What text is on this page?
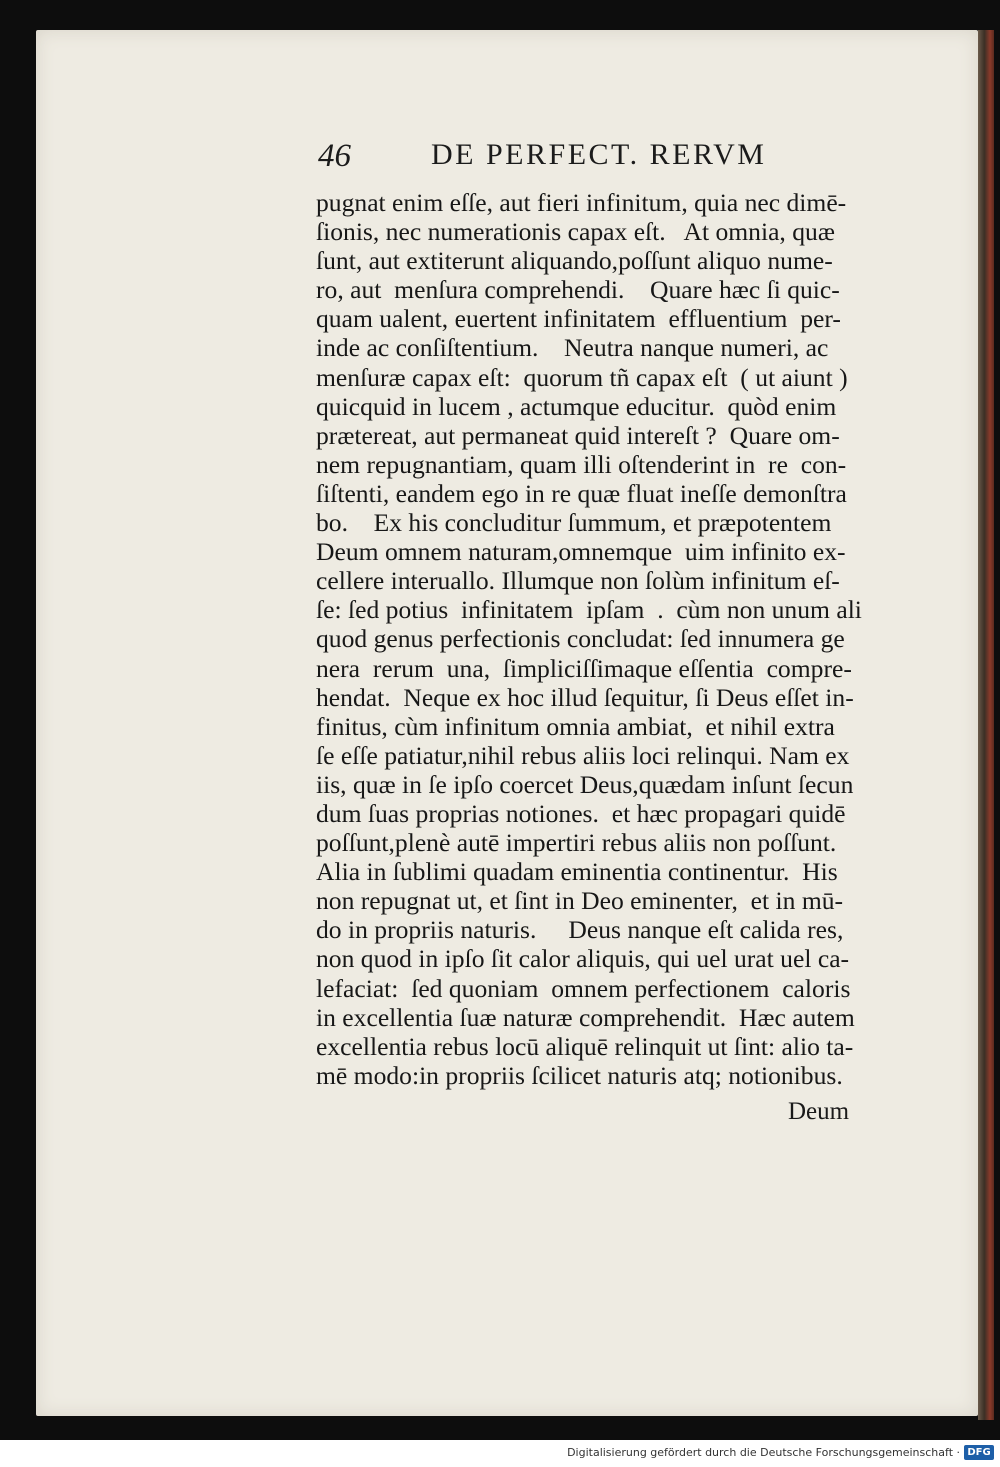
46	DE PERFECT. RERVM
pugnat enim eſſe, aut fieri infinitum, quia nec dimē-
ſionis, nec numerationis capax eſt.   At omnia, quæ
ſunt, aut extiterunt aliquando,poſſunt aliquo nume-
ro, aut  menſura comprehendi.    Quare hæc ſi quic-
quam ualent, euertent infinitatem  effluentium  per-
inde ac conſiſtentium.    Neutra nanque numeri, ac
menſuræ capax eſt:  quorum tñ capax eſt  ( ut aiunt )
quicquid in lucem , actumque educitur.  quòd enim
prætereat, aut permaneat quid intereſt ?  Quare om-
nem repugnantiam, quam illi oſtenderint in  re  con-
ſiſtenti, eandem ego in re quæ fluat ineſſe demonſtra
bo.    Ex his concluditur ſummum, et præpotentem
Deum omnem naturam,omnemque  uim infinito ex-
cellere interuallo. Illumque non ſolùm infinitum eſ-
ſe: ſed potius  infinitatem  ipſam  .  cùm non unum ali
quod genus perfectionis concludat: ſed innumera ge
nera  rerum  una,  ſimpliciſſimaque eſſentia  compre-
hendat.  Neque ex hoc illud ſequitur, ſi Deus eſſet in-
finitus, cùm infinitum omnia ambiat,  et nihil extra
ſe eſſe patiatur,nihil rebus aliis loci relinqui. Nam ex
iis, quæ in ſe ipſo coercet Deus,quædam inſunt ſecun
dum ſuas proprias notiones.  et hæc propagari quidē
poſſunt,plenè autē impertiri rebus aliis non poſſunt.
Alia in ſublimi quadam eminentia continentur.  His
non repugnat ut, et ſint in Deo eminenter,  et in mū-
do in propriis naturis.     Deus nanque eſt calida res,
non quod in ipſo ſit calor aliquis, qui uel urat uel ca-
lefaciat:  ſed quoniam  omnem perfectionem  caloris
in excellentia ſuæ naturæ comprehendit.  Hæc autem
excellentia rebus locū aliquē relinquit ut ſint: alio ta-
mē modo:in propriis ſcilicet naturis atq; notionibus.
Deum
Digitalisierung gefördert durch die Deutsche Forschungsgemeinschaft · DFG
